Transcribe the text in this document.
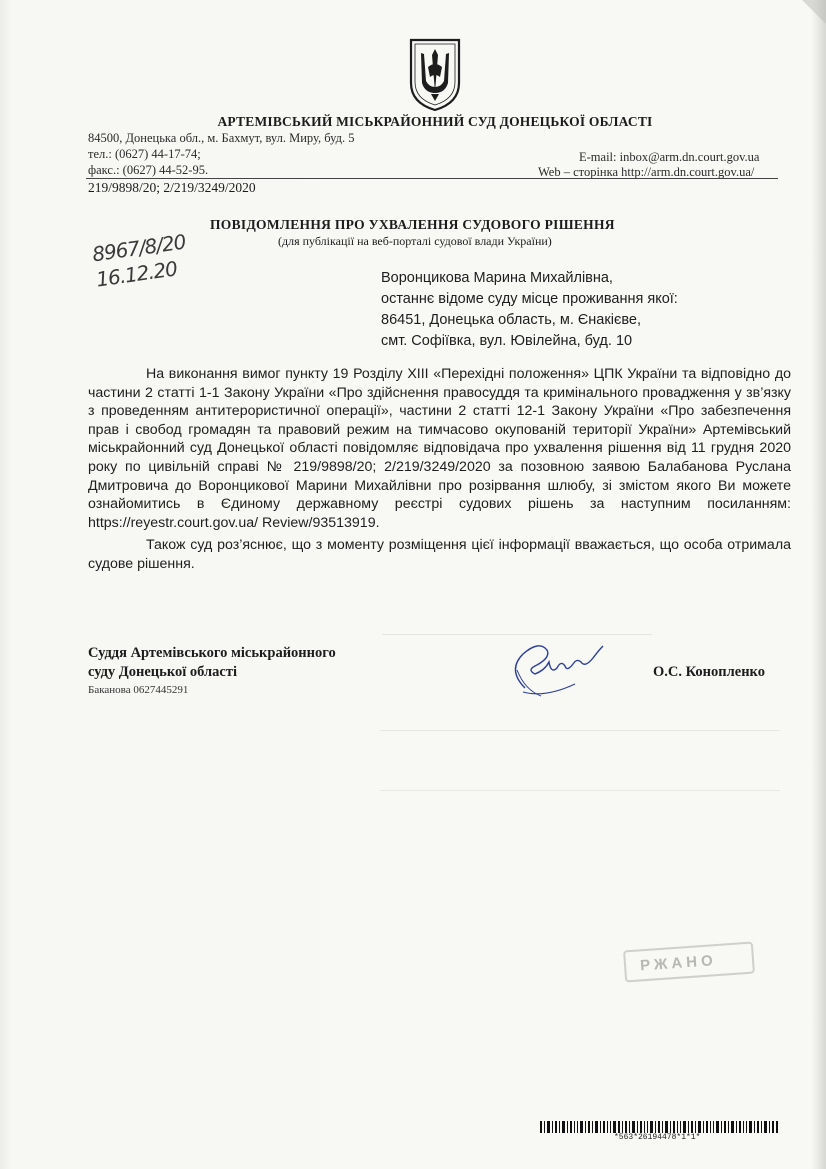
АРТЕМІВСЬКИЙ МІСЬКРАЙОННИЙ СУД ДОНЕЦЬКОЇ ОБЛАСТІ
84500, Донецька обл., м. Бахмут, вул. Миру, буд. 5
тел.: (0627) 44-17-74;	E-mail: inbox@arm.dn.court.gov.ua
факс.: (0627) 44-52-95.	Web – сторінка http://arm.dn.court.gov.ua/
219/9898/20; 2/219/3249/2020
ПОВІДОМЛЕННЯ ПРО УХВАЛЕННЯ СУДОВОГО РІШЕННЯ
(для публікації на веб-порталі судової влади України)
8967/8/20
16.12.20	Воронцикова Марина Михайлівна,
останнє відоме суду місце проживання якої:
86451, Донецька область, м. Єнакієве,
смт. Софіївка, вул. Ювілейна, буд. 10

На виконання вимог пункту 19 Розділу XIII «Перехідні положення» ЦПК України та відповідно до частини 2 статті 1-1 Закону України «Про здійснення правосуддя та кримінального провадження у зв’язку з проведенням антитерористичної операції», частини 2 статті 12-1 Закону України «Про забезпечення прав і свобод громадян та правовий режим на тимчасово окупованій території України» Артемівський міськрайонний суд Донецької області повідомляє відповідача про ухвалення рішення від 11 грудня 2020 року по цивільній справі № 219/9898/20; 2/219/3249/2020 за позовною заявою Балабанова Руслана Дмитровича до Воронцикової Марини Михайлівни про розірвання шлюбу, зі змістом якого Ви можете ознайомитись в Єдиному державному реєстрі судових рішень за наступним посиланням: https://reyestr.court.gov.ua/ Review/93513919.

Також суд роз’яснює, що з моменту розміщення цієї інформації вважається, що особа отримала судове рішення.

Суддя Артемівського міськрайонного
суду Донецької області
Баканова 0627445291
О.С. Конопленко
РЖАНО
*563*26194478*1*1*
